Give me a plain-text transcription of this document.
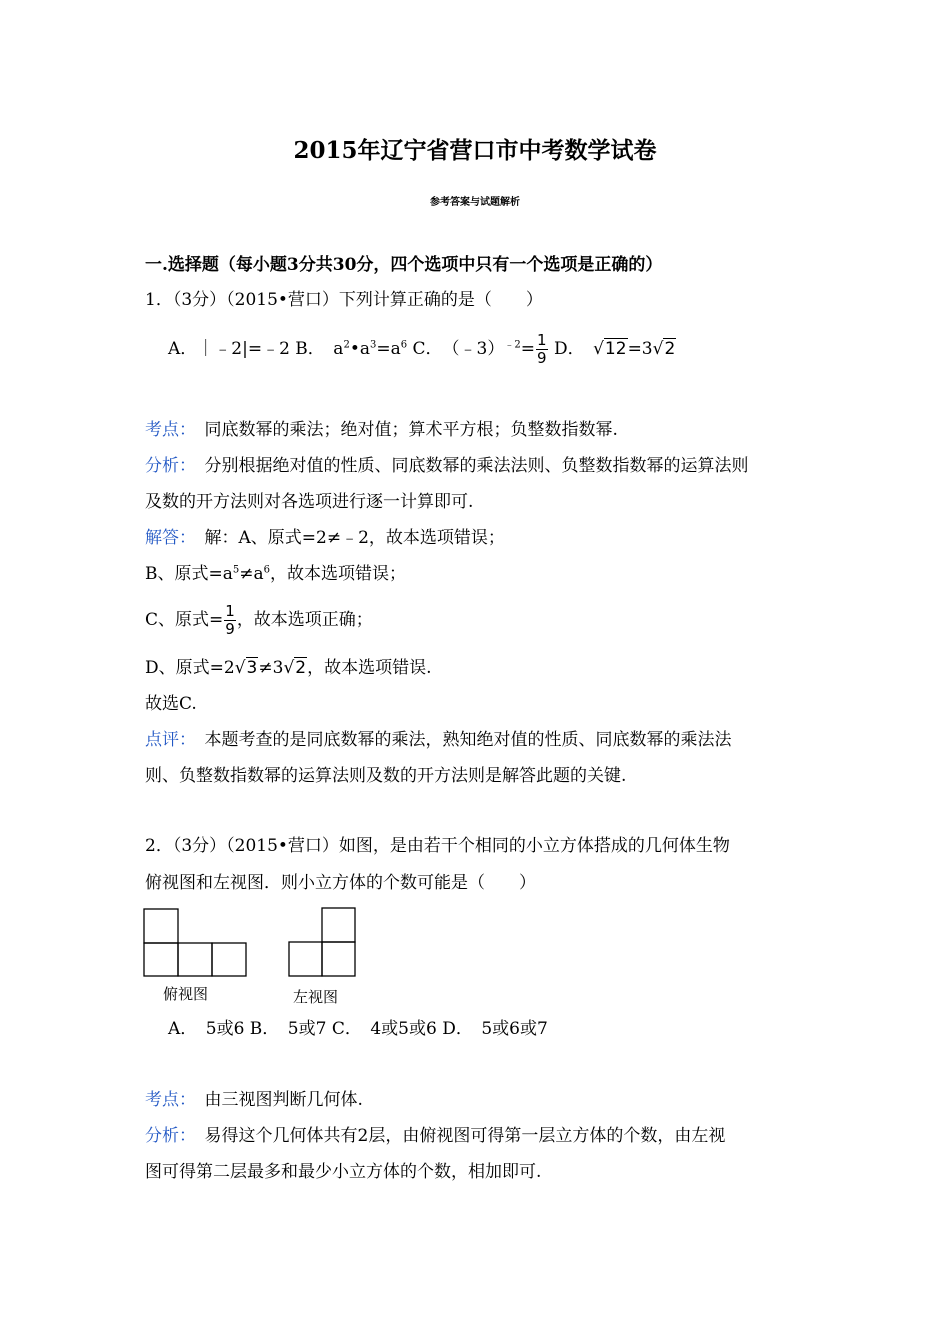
2015年辽宁省营口市中考数学试卷
参考答案与试题解析
一.选择题（每小题3分共30分，四个选项中只有一个选项是正确的）
1．（3分）（2015•营口）下列计算正确的是（　　）
A．｜﹣2|=﹣2 B．　$a^2•a^3=a^6$ C．　（﹣3）$^{﹣2}$= $\frac{1}{9}$ D．　 √12=3√2
考点：　 同底数幂的乘法；绝对值；算术平方根；负整数指数幂.
分析：　 分别根据绝对值的性质、同底数幂的乘法法则、负整数指数幂的运算法则
及数的开方法则对各选项进行逐一计算即可.
解答：　 解：A、原式=2≠﹣2，故本选项错误；
B、原式$=a^5\ne a^6$，故本选项错误；
C、原式= $\frac{1}{9}$ ，故本选项正确；
D、原式=2√3≠3√2，故本选项错误.
故选C.
点评：　 本题考查的是同底数幂的乘法，熟知绝对值的性质、同底数幂的乘法法
则、负整数指数幂的运算法则及数的开方法则是解答此题的关键.
2．（3分）（2015•营口）如图，是由若干个相同的小立方体搭成的几何体生物
俯视图和左视图．则小立方体的个数可能是（　　）
俯视图	左视图
A．　5或6 B．　5或7 C．　4或5或6 D．　5或6或7
考点：　 由三视图判断几何体.
分析：　 易得这个几何体共有2层，由俯视图可得第一层立方体的个数，由左视
图可得第二层最多和最少小立方体的个数，相加即可.
